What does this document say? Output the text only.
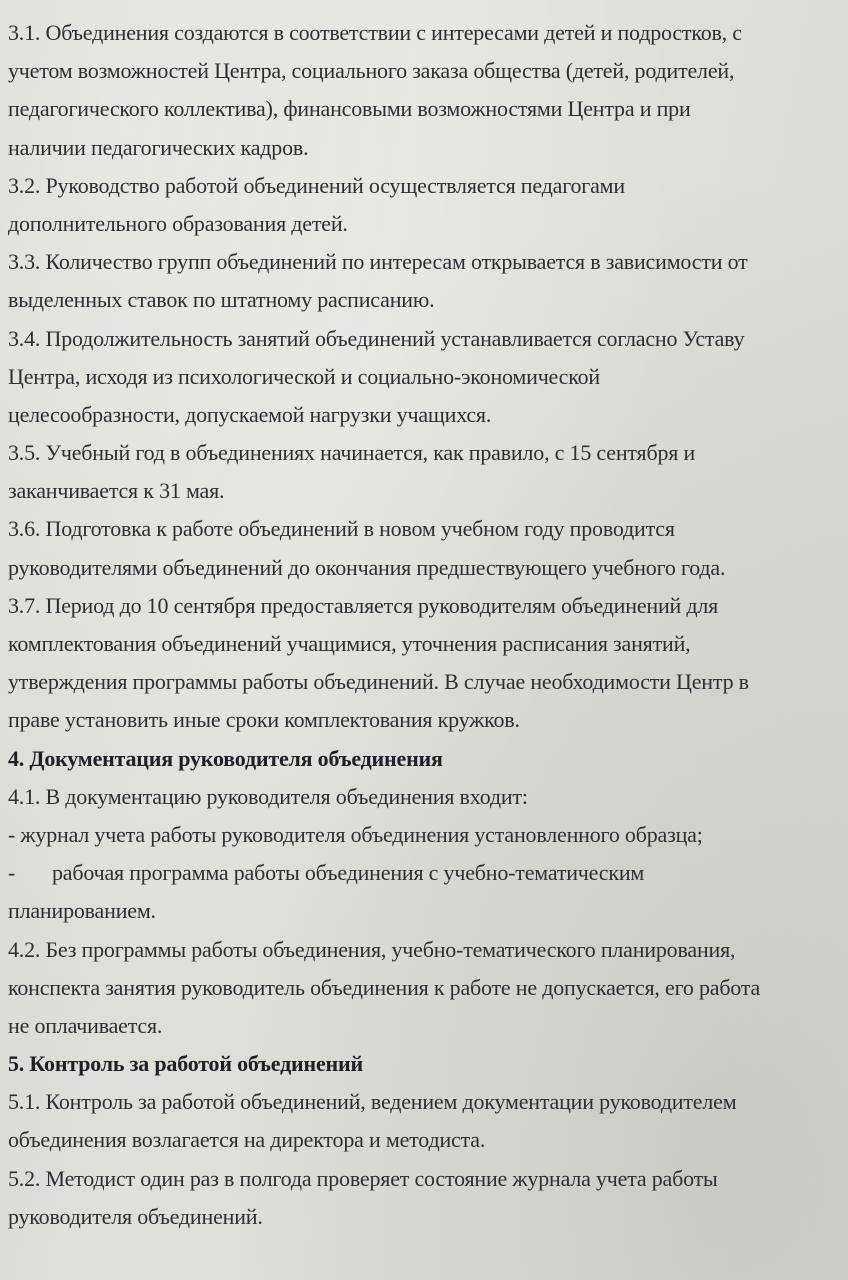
3.1. Объединения создаются в соответствии с интересами детей и подростков, с
учетом возможностей Центра, социального заказа общества (детей, родителей,
педагогического коллектива), финансовыми возможностями Центра и при
наличии педагогических кадров.
3.2. Руководство работой объединений осуществляется педагогами
дополнительного образования детей.
3.3. Количество групп объединений по интересам открывается в зависимости от
выделенных ставок по штатному расписанию.
3.4. Продолжительность занятий объединений устанавливается согласно Уставу
Центра, исходя из психологической и социально-экономической
целесообразности, допускаемой нагрузки учащихся.
3.5. Учебный год в объединениях начинается, как правило, с 15 сентября и
заканчивается к 31 мая.
3.6. Подготовка к работе объединений в новом учебном году проводится
руководителями объединений до окончания предшествующего учебного года.
3.7. Период до 10 сентября предоставляется руководителям объединений для
комплектования объединений учащимися, уточнения расписания занятий,
утверждения программы работы объединений. В случае необходимости Центр в
праве установить иные сроки комплектования кружков.
4. Документация руководителя объединения
4.1. В документацию руководителя объединения входит:
- журнал учета работы руководителя объединения установленного образца;
- рабочая программа работы объединения с учебно-тематическим
планированием.
4.2. Без программы работы объединения, учебно-тематического планирования,
конспекта занятия руководитель объединения к работе не допускается, его работа
не оплачивается.
5. Контроль за работой объединений
5.1. Контроль за работой объединений, ведением документации руководителем
объединения возлагается на директора и методиста.
5.2. Методист один раз в полгода проверяет состояние журнала учета работы
руководителя объединений.
